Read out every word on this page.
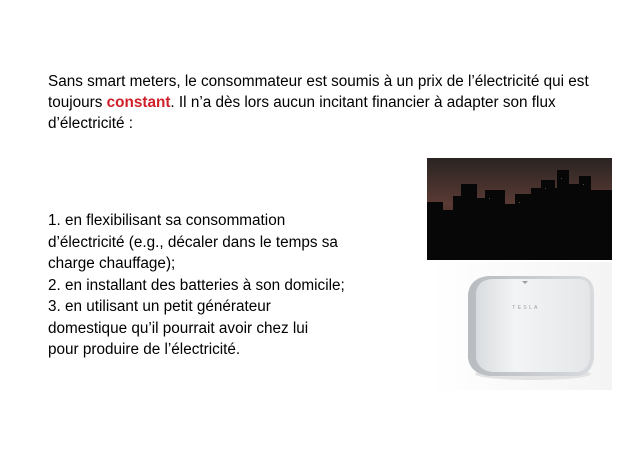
Sans smart meters, le consommateur est soumis à un prix de l’électricité qui est toujours constant. Il n’a dès lors aucun incitant financier à adapter son flux d’électricité :

1. en flexibilisant sa consommation
d’électricité (e.g., décaler dans le temps sa
charge chauffage);
2. en installant des batteries à son domicile;
3. en utilisant un petit générateur
domestique qu’il pourrait avoir chez lui
pour produire de l’électricité.
TESLA
